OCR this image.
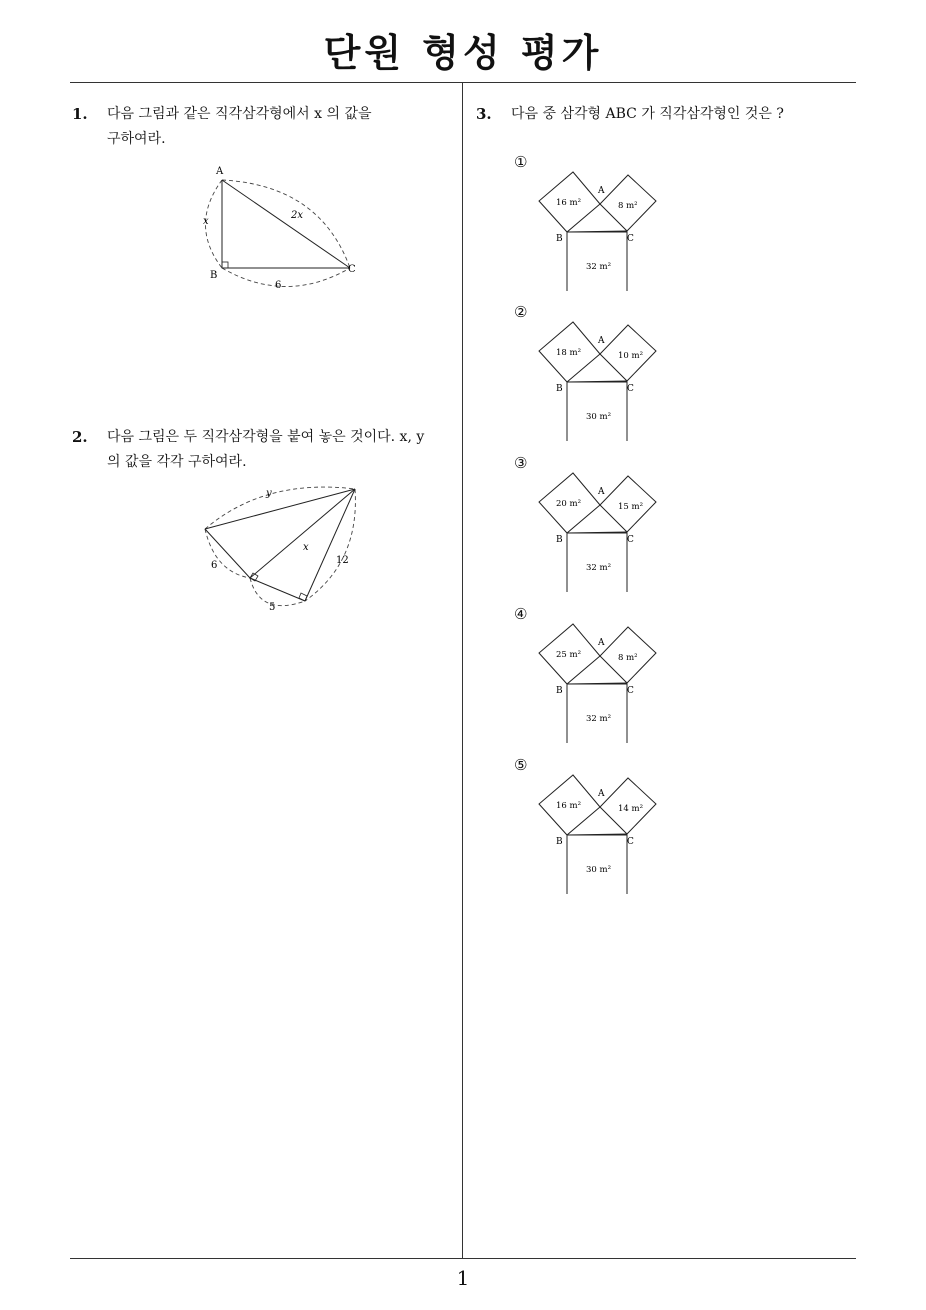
단원 형성 평가
1
1. 다음 그림과 같은 직각삼각형에서 x 의 값을
구하여라.
A
B
C
2x
x
6
2. 다음 그림은 두 직각삼각형을 붙여 놓은 것이다. x, y
의 값을 각각 구하여라.
y
x
6	12
5
3. 다음 중 삼각형 ABC 가 직각삼각형인 것은 ?
①
A
B	C
16 m²	8 m²
32 m²
②
A
B	C
18 m²	10 m²
30 m²
③
A
B	C
20 m²	15 m²
32 m²
④
A
B	C
25 m²	8 m²
32 m²
⑤
A
B	C
16 m²	14 m²
30 m²
